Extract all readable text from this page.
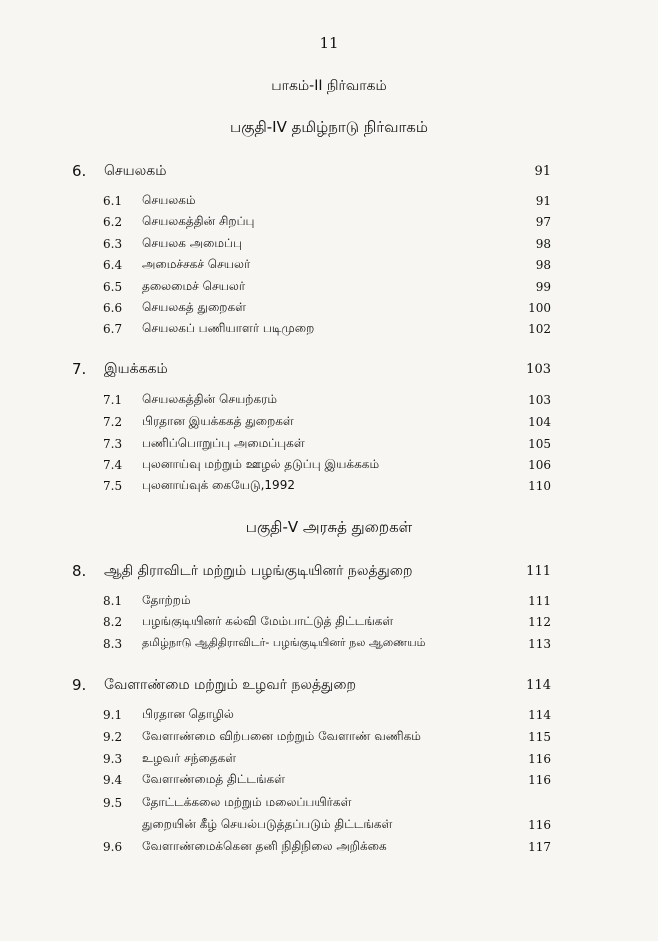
11
பாகம்-II நிர்வாகம்
பகுதி-IV தமிழ்நாடு நிர்வாகம்
6. செயலகம்	91
6.1 செயலகம்	91
6.2 செயலகத்தின் சிறப்பு	97
6.3 செயலக அமைப்பு	98
6.4 அமைச்சகச் செயலர்	98
6.5 தலைமைச் செயலர்	99
6.6 செயலகத் துறைகள்	100
6.7 செயலகப் பணியாளர் படிமுறை	102
7. இயக்ககம்	103
7.1 செயலகத்தின் செயற்கரம்	103
7.2 பிரதான இயக்ககத் துறைகள்	104
7.3 பணிப்பொறுப்பு அமைப்புகள்	105
7.4 புலனாய்வு மற்றும் ஊழல் தடுப்பு இயக்ககம்	106
7.5 புலனாய்வுக் கையேடு,1992	110
பகுதி-V அரசுத் துறைகள்
8. ஆதி திராவிடர் மற்றும் பழங்குடியினர் நலத்துறை	111
8.1 தோற்றம்	111
8.2 பழங்குடியினர் கல்வி மேம்பாட்டுத் திட்டங்கள்	112
8.3 தமிழ்நாடு ஆதிதிராவிடர்- பழங்குடியினர் நல ஆணையம்	113
9. வேளாண்மை மற்றும் உழவர் நலத்துறை	114
9.1 பிரதான தொழில்	114
9.2 வேளாண்மை விற்பனை மற்றும் வேளாண் வணிகம்	115
9.3 உழவர் சந்தைகள்	116
9.4 வேளாண்மைத் திட்டங்கள்	116
9.5 தோட்டக்கலை மற்றும் மலைப்பயிர்கள்
துறையின் கீழ் செயல்படுத்தப்படும் திட்டங்கள்	116
9.6 வேளாண்மைக்கென தனி நிதிநிலை அறிக்கை	117
